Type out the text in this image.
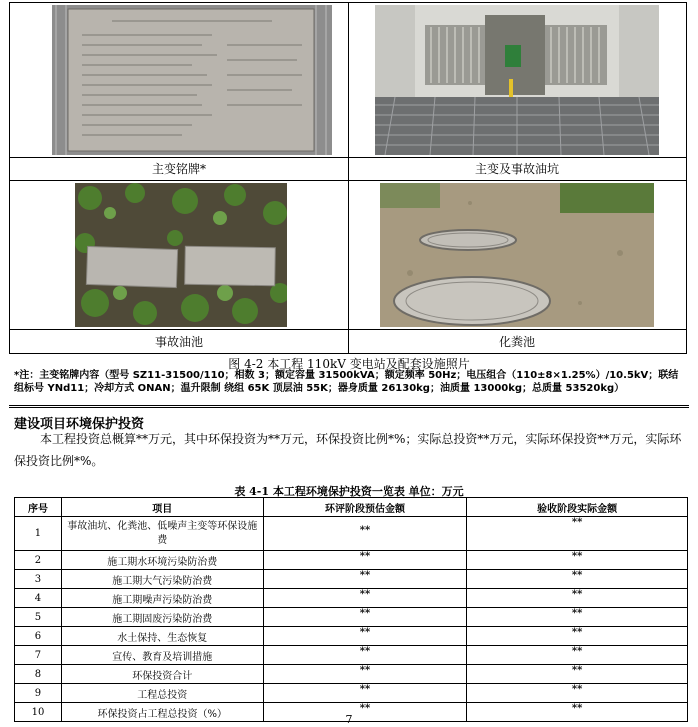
主变铭牌*	主变及事故油坑
事故油池	化粪池
图 4-2 本工程 110kV 变电站及配套设施照片
*注：主变铭牌内容（型号 SZ11-31500/110；相数 3；额定容量 31500kVA；额定频率 50Hz；电压组合（110±8×1.25%）/10.5kV；联结组标号 YNd11；冷却方式 ONAN；温升限制 绕组 65K 顶层油 55K；器身质量 26130kg；油质量 13000kg；总质量 53520kg）
建设项目环境保护投资
本工程投资总概算**万元，其中环保投资为**万元，环保投资比例*%；实际总投资**万元，实际环保投资**万元，实际环保投资比例*%。
表 4-1 本工程环境保护投资一览表 单位：万元
序号	项目	环评阶段预估金额	验收阶段实际金额
1	事故油坑、化粪池、低噪声主变等环保设施费	**	**
2	施工期水环境污染防治费	**	**
3	施工期大气污染防治费	**	**
4	施工期噪声污染防治费	**	**
5	施工期固废污染防治费	**	**
6	水土保持、生态恢复	**	**
7	宣传、教育及培训措施	**	**
8	环保投资合计	**	**
9	工程总投资	**	**
10	环保投资占工程总投资（%）	**	**
7
